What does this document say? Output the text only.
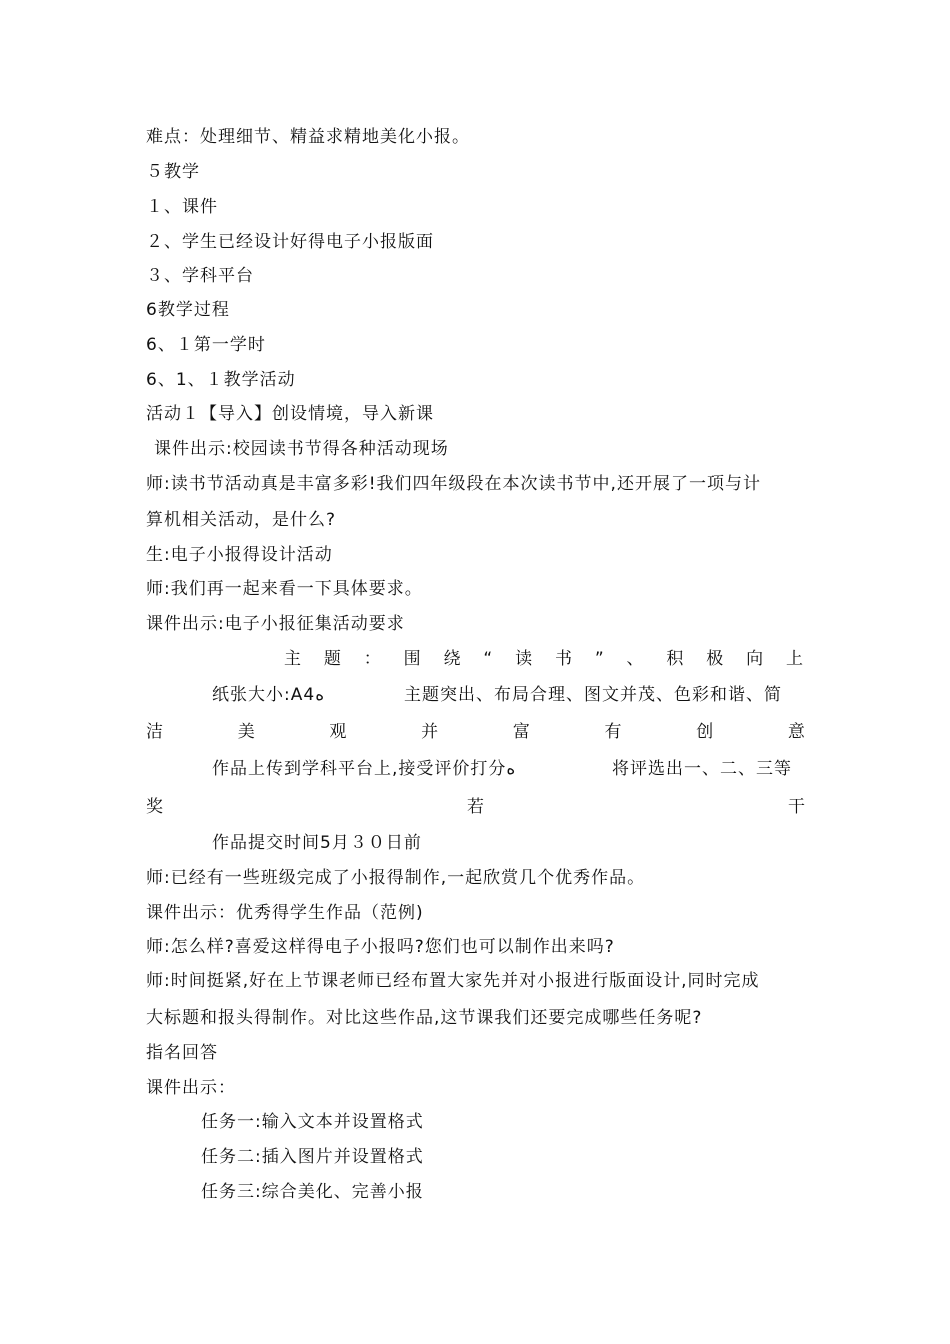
难点：处理细节、精益求精地美化小报。
５教学
１、课件
２、学生已经设计好得电子小报版面
３、学科平台
6教学过程
6、１第一学时
6、1、１教学活动
活动１【导入】创设情境，导入新课
课件出示:校园读书节得各种活动现场
师:读书节活动真是丰富多彩!我们四年级段在本次读书节中,还开展了一项与计
算机相关活动，是什么?
生:电子小报得设计活动
师:我们再一起来看一下具体要求。
课件出示:电子小报征集活动要求
主 题 ： 围 绕 “ 读 书 ” 、 积 极 向 上
纸张大小:A4ﻩ	主题突出、布局合理、图文并茂、色彩和谐、简
洁	美	观	并	富	有	创	意
作品上传到学科平台上,接受评价打分ﻩ	将评选出一、二、三等
奖	若	干
作品提交时间5月３０日前
师:已经有一些班级完成了小报得制作,一起欣赏几个优秀作品。
课件出示：优秀得学生作品（范例)
师:怎么样?喜爱这样得电子小报吗?您们也可以制作出来吗?
师:时间挺紧,好在上节课老师已经布置大家先并对小报进行版面设计,同时完成
大标题和报头得制作。对比这些作品,这节课我们还要完成哪些任务呢?
指名回答
课件出示：
任务一:输入文本并设置格式
任务二:插入图片并设置格式
任务三:综合美化、完善小报
